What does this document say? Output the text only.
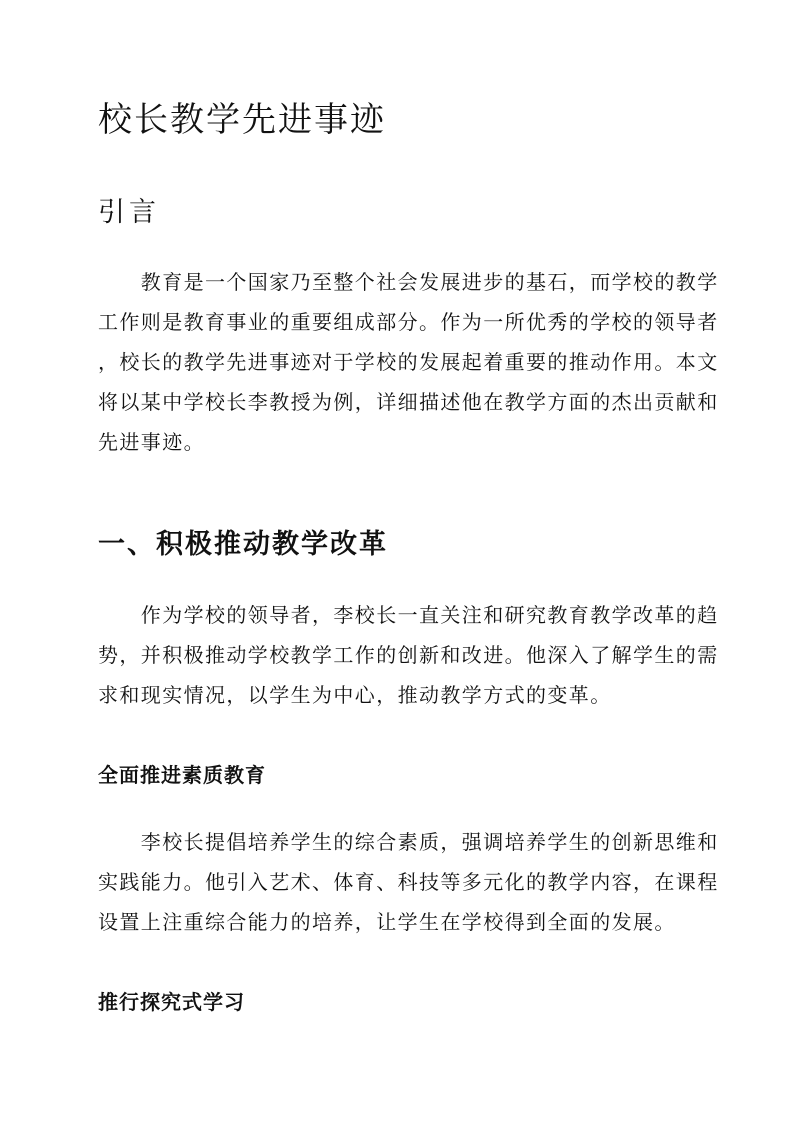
校长教学先进事迹
引言
　　教育是一个国家乃至整个社会发展进步的基石，而学校的教学
工作则是教育事业的重要组成部分。作为一所优秀的学校的领导者
，校长的教学先进事迹对于学校的发展起着重要的推动作用。本文
将以某中学校长李教授为例，详细描述他在教学方面的杰出贡献和
先进事迹。
一、积极推动教学改革
　　作为学校的领导者，李校长一直关注和研究教育教学改革的趋
势，并积极推动学校教学工作的创新和改进。他深入了解学生的需
求和现实情况，以学生为中心，推动教学方式的变革。
全面推进素质教育
　　李校长提倡培养学生的综合素质，强调培养学生的创新思维和
实践能力。他引入艺术、体育、科技等多元化的教学内容，在课程
设置上注重综合能力的培养，让学生在学校得到全面的发展。
推行探究式学习
